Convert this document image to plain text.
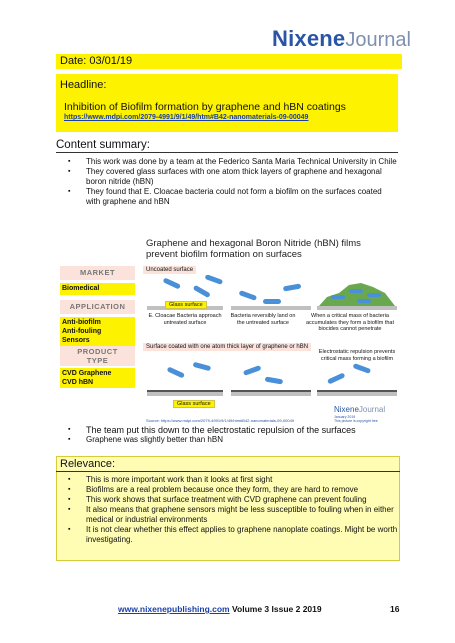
NixeneJournal
Date: 03/01/19
Headline:
Inhibition of Biofilm formation by graphene and hBN coatings
https://www.mdpi.com/2079-4991/9/1/49/htm#B42-nanomaterials-09-00049
Content summary:
▪ This work was done by a team at the Federico Santa Maria Technical University in Chile
▪ They covered glass surfaces with one atom thick layers of graphene and hexagonal boron nitride (hBN)
▪ They found that E. Cloacae bacteria could not form a biofilm on the surfaces coated with graphene and hBN
Graphene and hexagonal Boron Nitride (hBN) films
prevent biofilm formation on surfaces
MARKET
Biomedical
APPLICATION
Anti-biofilm
Anti-fouling
Sensors
PRODUCT
TYPE
CVD Graphene
CVD hBN
Uncoated surface
Glass surface
E. Cloacae Bacteria approach untreated surface
Bacteria reversibly land on the untreated surface
When a critical mass of bacteria accumulates they form a biofilm that biocides cannot penetrate
Surface coated with one atom thick layer of graphene or hBN
Electrostatic repulsion prevents critical mass forming a biofilm
Glass surface
Source: https://www.mdpi.com/2079-4991/9/1/49/htm#B42-nanomaterials-09-00049
NixeneJournal
January 2019
This picture is copyright free
▪ The team put this down to the electrostatic repulsion of the surfaces
▪ Graphene was slightly better than hBN
Relevance:
▪ This is more important work than it looks at first sight
▪ Biofilms are a real problem because once they form, they are hard to remove
▪ This work shows that surface treatment with CVD graphene can prevent fouling
▪ It also means that graphene sensors might be less susceptible to fouling when in either medical or industrial environments
▪ It is not clear whether this effect applies to graphene nanoplate coatings. Might be worth investigating.
www.nixenepublishing.com Volume 3 Issue 2 2019	16
